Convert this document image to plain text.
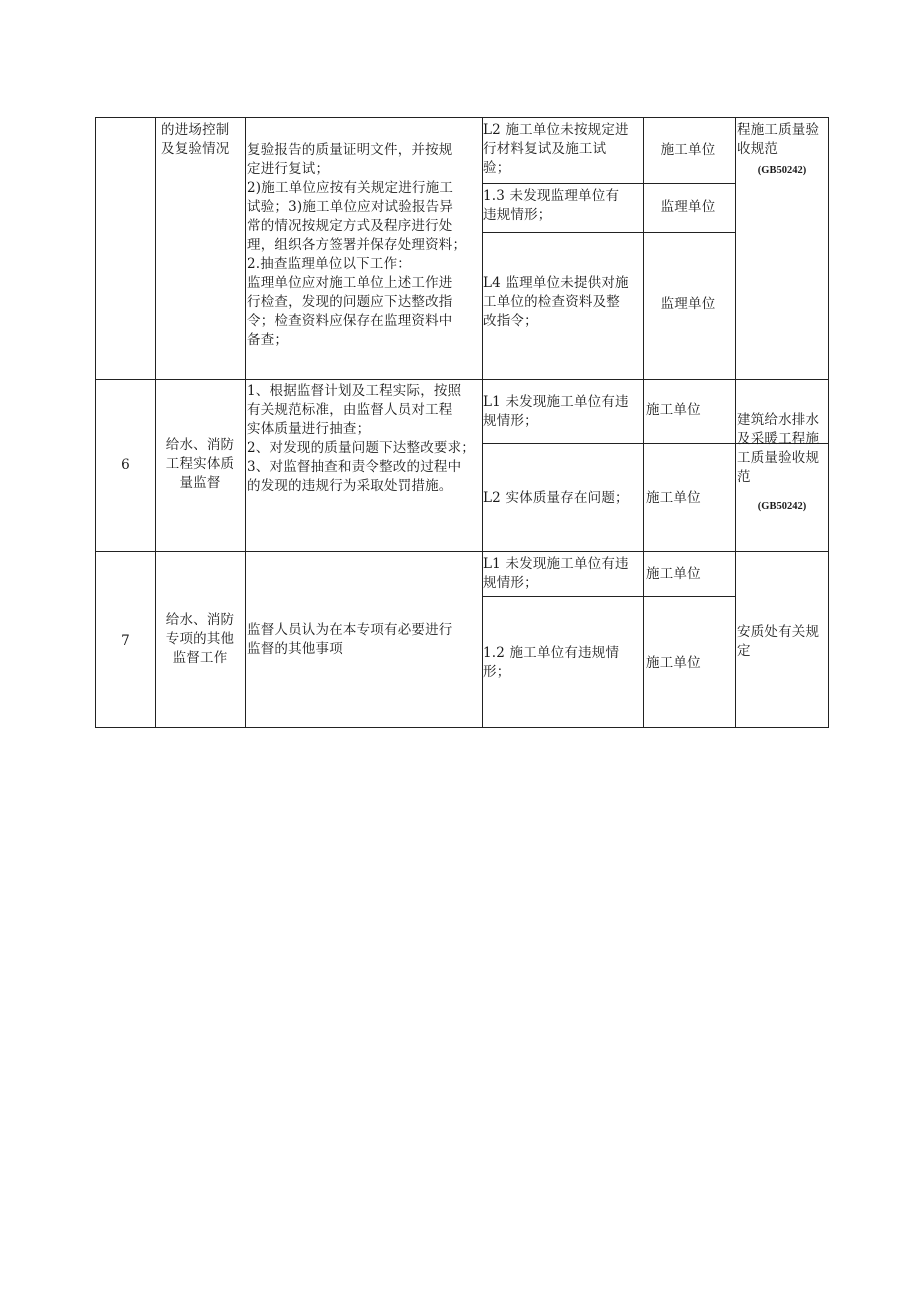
的进场控制
及复验情况 复验报告的质量证明文件，并按规
定进行复试；
2)施工单位应按有关规定进行施工
试验；3)施工单位应对试验报告异
常的情况按规定方式及程序进行处
理，组织各方签署并保存处理资料；
2.抽查监理单位以下工作：
监理单位应对施工单位上述工作进
行检查，发现的问题应下达整改指
令；检查资料应保存在监理资料中
备查；
L2 施工单位未按规定进
行材料复试及施工试
验；
施工单位
1.3 未发现监理单位有
违规情形；	监理单位
L4 监理单位未提供对施
工单位的检查资料及整
改指令；
监理单位
程施工质量验
收规范
(GB50242)
6
给水、消防
工程实体质
量监督
1、根据监督计划及工程实际，按照
有关规范标准，由监督人员对工程
实体质量进行抽查；
2、对发现的质量问题下达整改要求；
3、对监督抽查和责令整改的过程中
的发现的违规行为采取处罚措施。
L1 未发现施工单位有违
规情形；
施工单位
L2 实体质量存在问题； 施工单位
建筑给水排水
及采暖工程施
工质量验收规
范
(GB50242)
7
给水、消防
专项的其他
监督工作
监督人员认为在本专项有必要进行
监督的其他事项
L1 未发现施工单位有违
规情形；
施工单位
1.2 施工单位有违规情
形；
施工单位
安质处有关规
定
